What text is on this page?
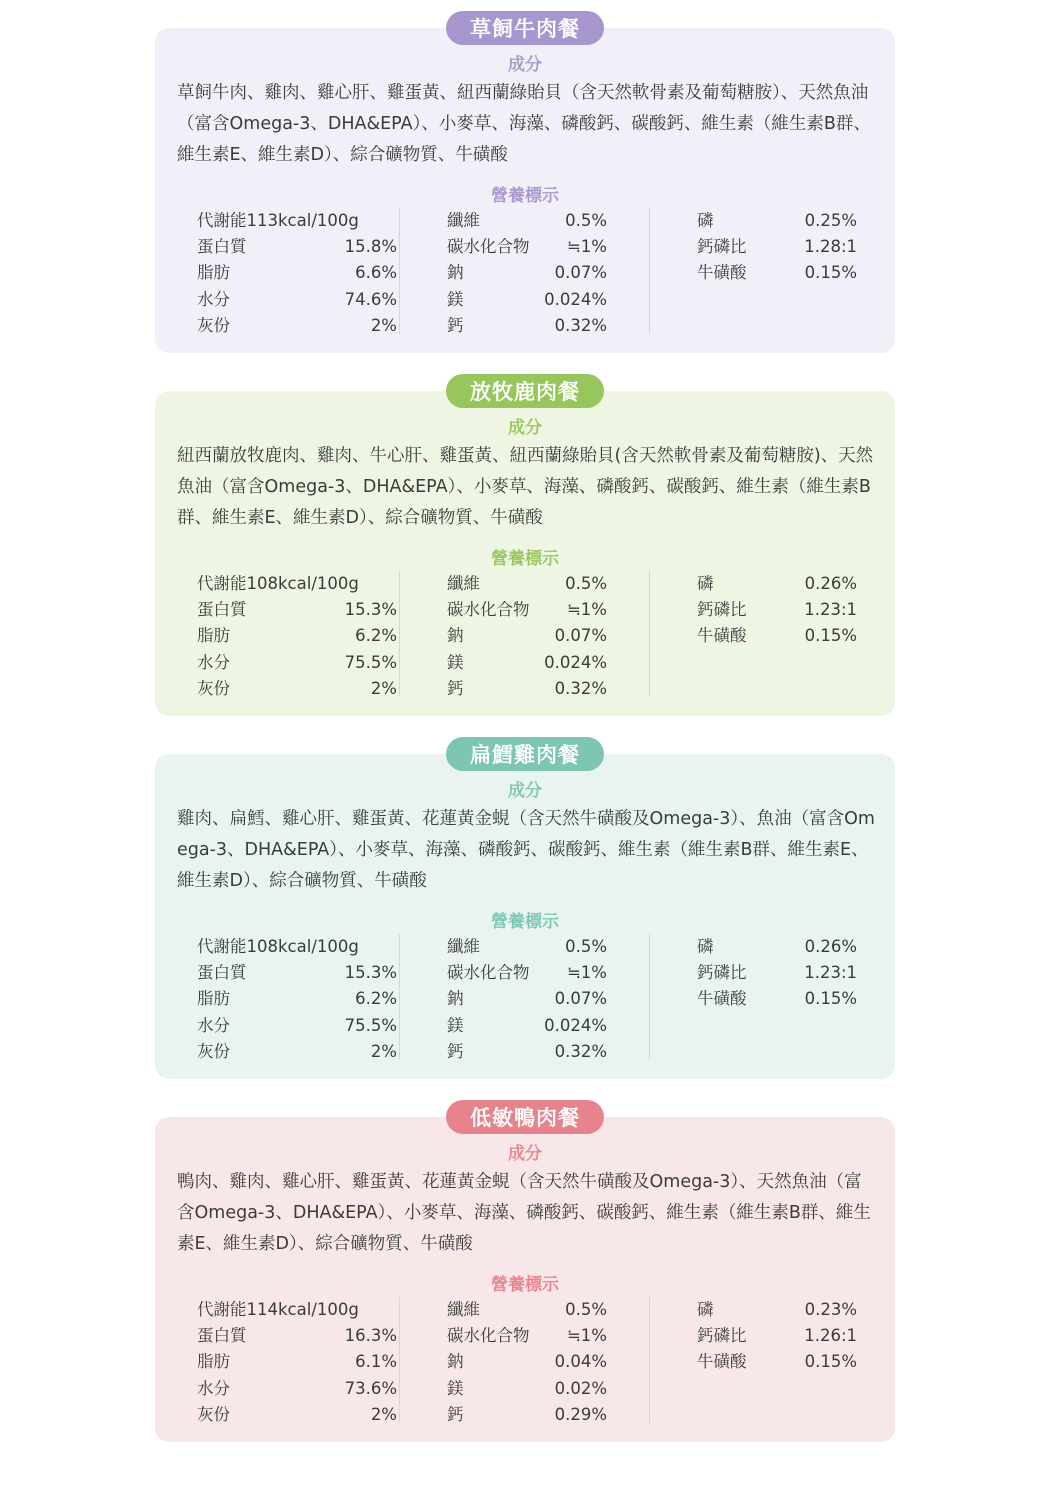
草飼牛肉餐
成分

草飼牛肉、雞肉、雞心肝、雞蛋黃、紐西蘭綠貽貝（含天然軟骨素及葡萄糖胺）、天然魚油（富含Omega-3、DHA&EPA）、小麥草、海藻、磷酸鈣、碳酸鈣、維生素（維生素B群、維生素E、維生素D）、綜合礦物質、牛磺酸

營養標示
代謝能113kcal/100g
蛋白質	15.8%
脂肪	6.6%
水分	74.6%
灰份	2%
纖維	0.5%
碳水化合物 ≒1%
鈉	0.07%
鎂	0.024%
鈣	0.32%
磷	0.25%
鈣磷比	1.28:1
牛磺酸	0.15%
放牧鹿肉餐
成分

紐西蘭放牧鹿肉、雞肉、牛心肝、雞蛋黃、紐西蘭綠貽貝(含天然軟骨素及葡萄糖胺)、天然魚油（富含Omega-3、DHA&EPA）、小麥草、海藻、磷酸鈣、碳酸鈣、維生素（維生素B群、維生素E、維生素D）、綜合礦物質、牛磺酸

營養標示
代謝能108kcal/100g
蛋白質	15.3%
脂肪	6.2%
水分	75.5%
灰份	2%
纖維	0.5%
碳水化合物 ≒1%
鈉	0.07%
鎂	0.024%
鈣	0.32%
磷	0.26%
鈣磷比	1.23:1
牛磺酸	0.15%
扁鱈雞肉餐
成分

雞肉、扁鱈、雞心肝、雞蛋黃、花蓮黃金蜆（含天然牛磺酸及Omega-3）、魚油（富含Omega-3、DHA&EPA）、小麥草、海藻、磷酸鈣、碳酸鈣、維生素（維生素B群、維生素E、維生素D）、綜合礦物質、牛磺酸

營養標示
代謝能108kcal/100g
蛋白質	15.3%
脂肪	6.2%
水分	75.5%
灰份	2%
纖維	0.5%
碳水化合物 ≒1%
鈉	0.07%
鎂	0.024%
鈣	0.32%
磷	0.26%
鈣磷比	1.23:1
牛磺酸	0.15%
低敏鴨肉餐
成分

鴨肉、雞肉、雞心肝、雞蛋黃、花蓮黃金蜆（含天然牛磺酸及Omega-3）、天然魚油（富含Omega-3、DHA&EPA）、小麥草、海藻、磷酸鈣、碳酸鈣、維生素（維生素B群、維生素E、維生素D）、綜合礦物質、牛磺酸

營養標示
代謝能114kcal/100g
蛋白質	16.3%
脂肪	6.1%
水分	73.6%
灰份	2%
纖維	0.5%
碳水化合物 ≒1%
鈉	0.04%
鎂	0.02%
鈣	0.29%
磷	0.23%
鈣磷比	1.26:1
牛磺酸	0.15%
